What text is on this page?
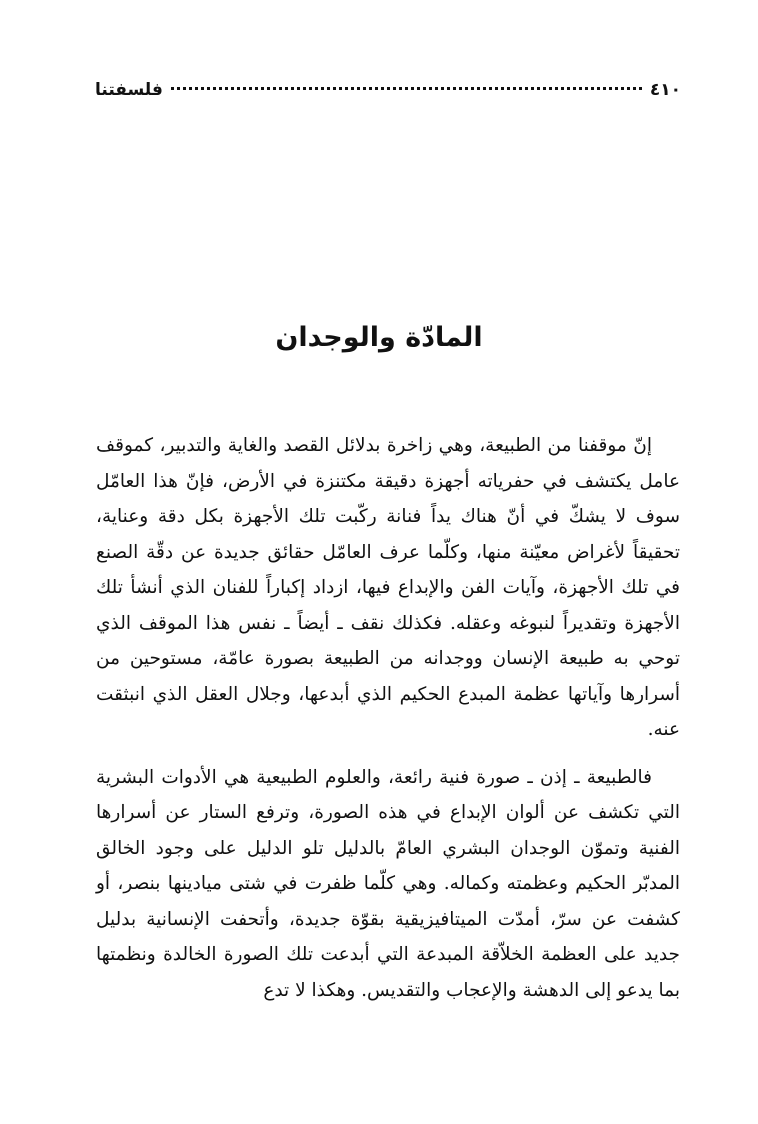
٤١٠
فلسفتنا
المادّة والوجدان

إنّ موقفنا من الطبيعة، وهي زاخرة بدلائل القصد والغاية والتدبير، كموقف عامل يكتشف في حفرياته أجهزة دقيقة مكتنزة في الأرض، فإنّ هذا العامّل سوف لا يشكّ في أنّ هناك يداً فنانة ركّبت تلك الأجهزة بكل دقة وعناية، تحقيقاً لأغراض معيّنة منها، وكلّما عرف العامّل حقائق جديدة عن دقّة الصنع في تلك الأجهزة، وآيات الفن والإبداع فيها، ازداد إكباراً للفنان الذي أنشأ تلك الأجهزة وتقديراً لنبوغه وعقله. فكذلك نقف ـ أيضاً ـ نفس هذا الموقف الذي توحي به طبيعة الإنسان ووجدانه من الطبيعة بصورة عامّة، مستوحين من أسرارها وآياتها عظمة المبدع الحكيم الذي أبدعها، وجلال العقل الذي انبثقت عنه.

فالطبيعة ـ إذن ـ صورة فنية رائعة، والعلوم الطبيعية هي الأدوات البشرية التي تكشف عن ألوان الإبداع في هذه الصورة، وترفع الستار عن أسرارها الفنية وتموّن الوجدان البشري العامّ بالدليل تلو الدليل على وجود الخالق المدبّر الحكيم وعظمته وكماله. وهي كلّما ظفرت في شتى ميادينها بنصر، أو كشفت عن سرّ، أمدّت الميتافيزيقية بقوّة جديدة، وأتحفت الإنسانية بدليل جديد على العظمة الخلاّقة المبدعة التي أبدعت تلك الصورة الخالدة ونظمتها بما يدعو إلى الدهشة والإعجاب والتقديس. وهكذا لا تدع
